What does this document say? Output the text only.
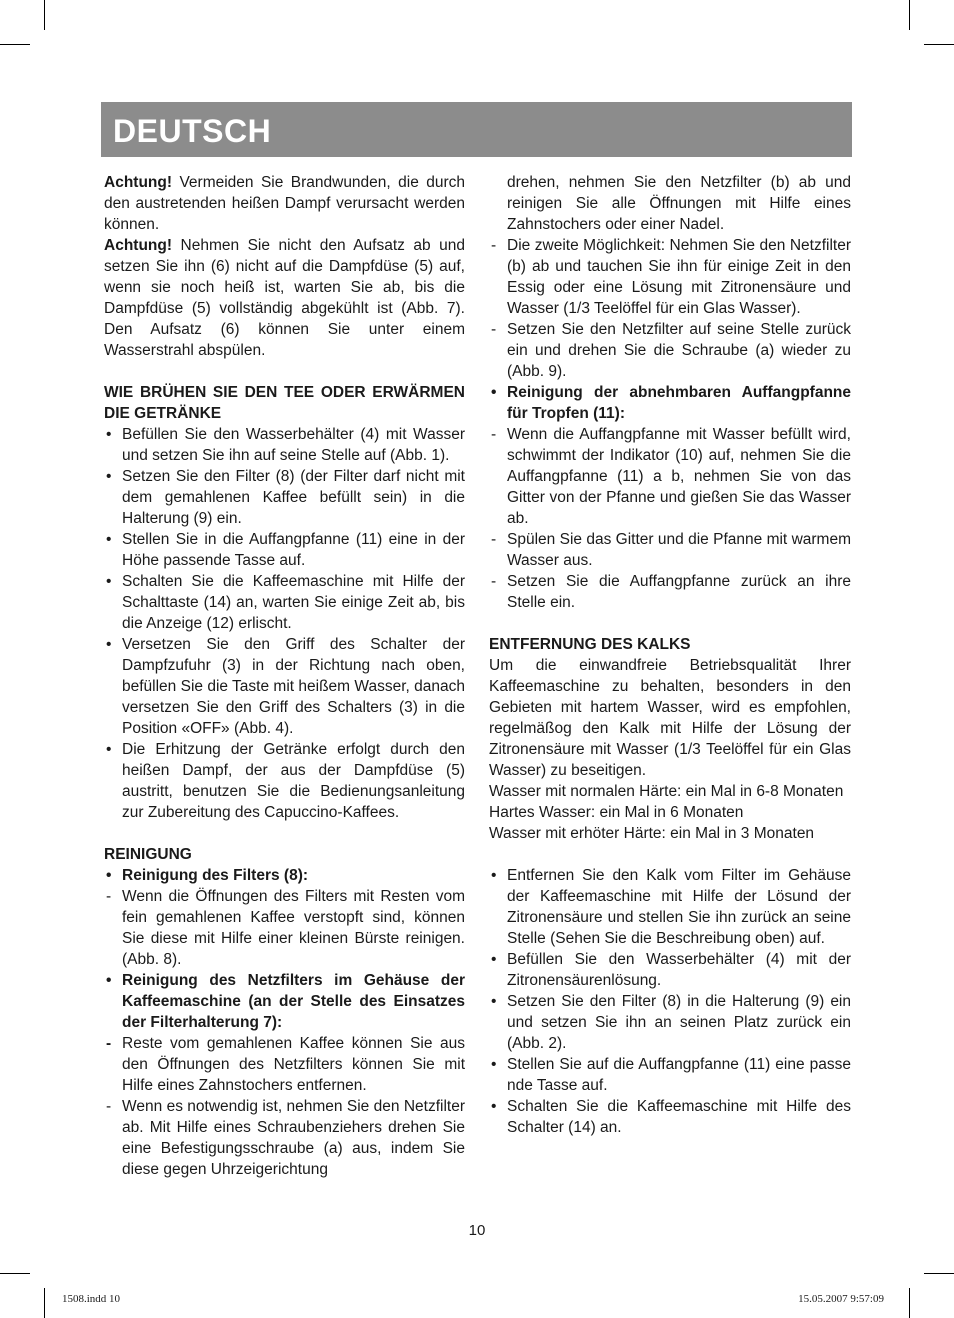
DEUTSCH

Achtung! Vermeiden Sie Brandwunden, die durch den austretenden heißen Dampf verursacht werden können.

Achtung! Nehmen Sie nicht den Aufsatz ab und setzen Sie ihn (6) nicht auf die Dampfdüse (5) auf, wenn sie noch heiß ist, warten Sie ab, bis die Dampfdüse (5) vollständig abgekühlt ist (Abb. 7). Den Aufsatz (6) können Sie unter einem Wasserstrahl abspülen.

WIE BRÜHEN SIE DEN TEE ODER ERWÄRMEN DIE GETRÄNKE

• Befüllen Sie den Wasserbehälter (4) mit Wasser und setzen Sie ihn auf seine Stelle auf (Abb. 1).
• Setzen Sie den Filter (8) (der Filter darf nicht mit dem gemahlenen Kaffee befüllt sein) in die Halterung (9) ein.
• Stellen Sie in die Auffangpfanne (11) eine in der Höhe passende Tasse auf.
• Schalten Sie die Kaffeemaschine mit Hilfe der Schalttaste (14) an, warten Sie einige Zeit ab, bis die Anzeige (12) erlischt.
• Versetzen Sie den Griff des Schalter der Dampfzufuhr (3) in der Richtung nach oben, befüllen Sie die Taste mit heißem Wasser, danach versetzen Sie den Griff des Schalters (3) in die Position «OFF» (Abb. 4).
• Die Erhitzung der Getränke erfolgt durch den heißen Dampf, der aus der Dampfdüse (5) austritt, benutzen Sie die Bedienungsanleitung zur Zubereitung des Capuccino-Kaffees.

REINIGUNG

• Reinigung des Filters (8):
- Wenn die Öffnungen des Filters mit Resten vom fein gemahlenen Kaffee verstopft sind, können Sie diese mit Hilfe einer kleinen Bürste reinigen. (Abb. 8).
• Reinigung des Netzfilters im Gehäuse der Kaffeemaschine (an der Stelle des Einsatzes der Filterhalterung 7):
- Reste vom gemahlenen Kaffee können Sie aus den Öffnungen des Netzfilters können Sie mit Hilfe eines Zahnstochers entfernen.
- Wenn es notwendig ist, nehmen Sie den Netzfilter ab. Mit Hilfe eines Schraubenziehers drehen Sie eine Befestigungsschraube (a) aus, indem Sie diese gegen Uhrzeigerichtung
drehen, nehmen Sie den Netzfilter (b) ab und reinigen Sie alle Öffnungen mit Hilfe eines Zahnstochers oder einer Nadel.
- Die zweite Möglichkeit: Nehmen Sie den Netzfilter (b) ab und tauchen Sie ihn für einige Zeit in den Essig oder eine Lösung mit Zitronensäure und Wasser (1/3 Teelöffel für ein Glas Wasser).
- Setzen Sie den Netzfilter auf seine Stelle zurück ein und drehen Sie die Schraube (a) wieder zu (Abb. 9).
• Reinigung der abnehmbaren Auffangpfanne für Tropfen (11):
- Wenn die Auffangpfanne mit Wasser befüllt wird, schwimmt der Indikator (10) auf, nehmen Sie die Auffangpfanne (11) a b, nehmen Sie von das Gitter von der Pfanne und gießen Sie das Wasser ab.
- Spülen Sie das Gitter und die Pfanne mit warmem Wasser aus.
- Setzen Sie die Auffangpfanne zurück an ihre Stelle ein.

ENTFERNUNG DES KALKS

Um die einwandfreie Betriebsqualität Ihrer Kaffeemaschine zu behalten, besonders in den Gebieten mit hartem Wasser, wird es empfohlen, regelmäßog den Kalk mit Hilfe der Lösung der Zitronensäure mit Wasser (1/3 Teelöffel für ein Glas Wasser) zu beseitigen.

Wasser mit normalen Härte: ein Mal in 6-8 Monaten

Hartes Wasser: ein Mal in 6 Monaten

Wasser mit erhöter Härte: ein Mal in 3 Monaten

• Entfernen Sie den Kalk vom Filter im Gehäuse der Kaffeemaschine mit Hilfe der Lösund der Zitronensäure und stellen Sie ihn zurück an seine Stelle (Sehen Sie die Beschreibung oben) auf.
• Befüllen Sie den Wasserbehälter (4) mit der Zitronensäurenlösung.
• Setzen Sie den Filter (8) in die Halterung (9) ein und setzen Sie ihn an seinen Platz zurück ein (Abb. 2).
• Stellen Sie auf die Auffangpfanne (11) eine passe nde Tasse auf.
• Schalten Sie die Kaffeemaschine mit Hilfe des Schalter (14) an.
10
1508.indd 10	15.05.2007 9:57:09
